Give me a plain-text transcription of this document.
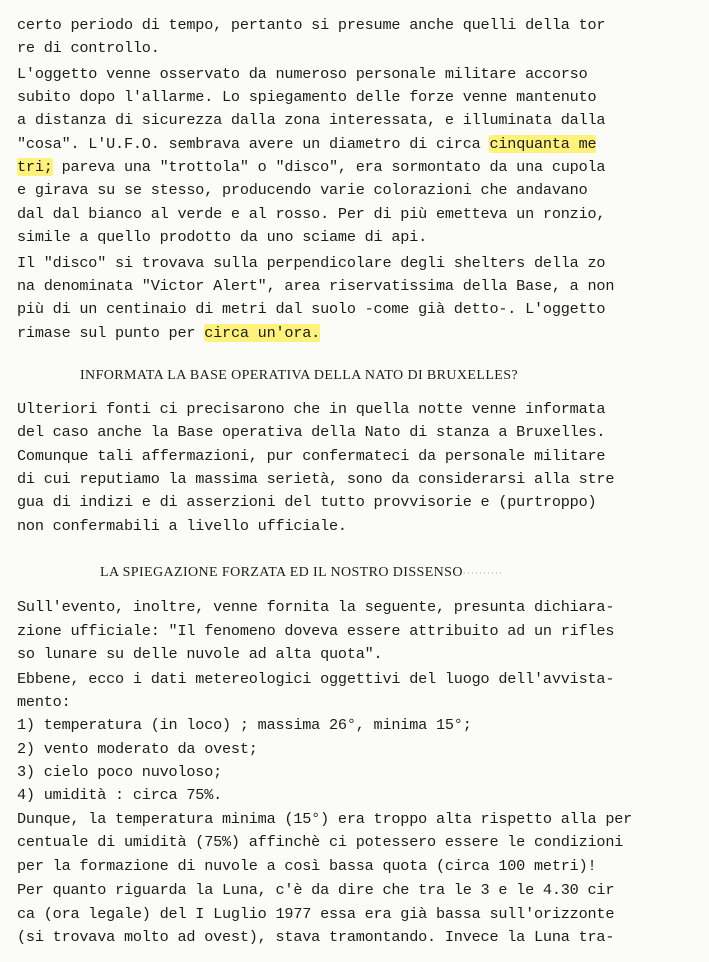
certo periodo di tempo, pertanto si presume anche quelli della tor
re di controllo.
L'oggetto venne osservato da numeroso personale militare accorso
subito dopo l'allarme. Lo spiegamento delle forze venne mantenuto
a distanza di sicurezza dalla zona interessata, e illuminata dalla
"cosa". L'U.F.O. sembrava avere un diametro di circa cinquanta me
tri; pareva una "trottola" o "disco", era sormontato da una cupola
e girava su se stesso, producendo varie colorazioni che andavano
dal dal bianco al verde e al rosso. Per di più emetteva un ronzio,
simile a quello prodotto da uno sciame di api.
Il "disco" si trovava sulla perpendicolare degli shelters della zo
na denominata "Victor Alert", area riservatissima della Base, a non
più di un centinaio di metri dal suolo -come già detto-. L'oggetto
rimase sul punto per circa un'ora.
INFORMATA LA BASE OPERATIVA DELLA NATO DI BRUXELLES?
Ulteriori fonti ci precisarono che in quella notte venne informata
del caso anche la Base operativa della Nato di stanza a Bruxelles.
Comunque tali affermazioni, pur confermateci da personale militare
di cui reputiamo la massima serietà, sono da considerarsi alla stre
gua di indizi e di asserzioni del tutto provvisorie e (purtroppo)
non confermabili a livello ufficiale.
LA SPIEGAZIONE FORZATA ED IL NOSTRO DISSENSO··········
Sull'evento, inoltre, venne fornita la seguente, presunta dichiara-
zione ufficiale: "Il fenomeno doveva essere attribuito ad un rifles
so lunare su delle nuvole ad alta quota".
Ebbene, ecco i dati metereologici oggettivi del luogo dell'avvista-
mento:
1) temperatura (in loco) ; massima 26°, minima 15°;
2) vento moderato da ovest;
3) cielo poco nuvoloso;
4) umidità : circa 75%.
Dunque, la temperatura minima (15°) era troppo alta rispetto alla per
centuale di umidità (75%) affinchè ci potessero essere le condizioni
per la formazione di nuvole a così bassa quota (circa 100 metri)!
Per quanto riguarda la Luna, c'è da dire che tra le 3 e le 4.30 cir
ca (ora legale) del I Luglio 1977 essa era già bassa sull'orizzonte
(si trovava molto ad ovest), stava tramontando. Invece la Luna tra-
